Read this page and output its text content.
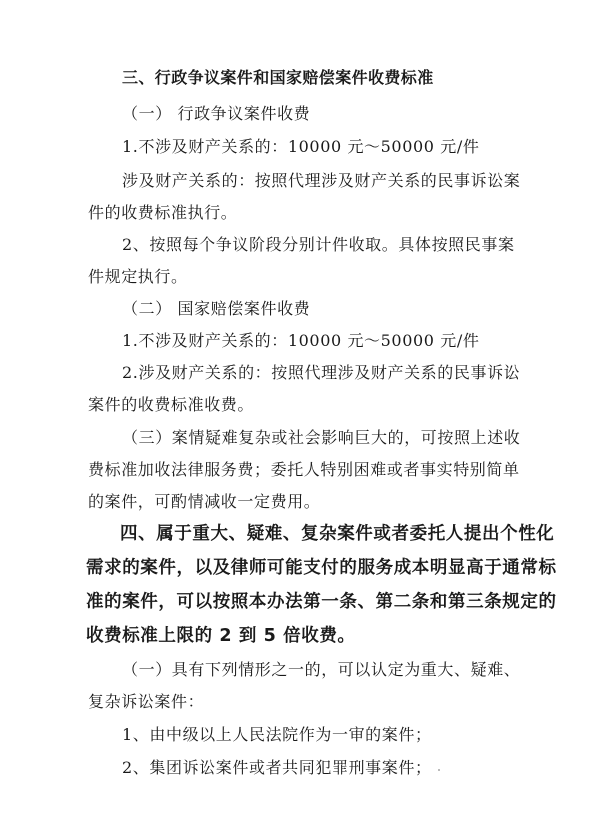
三、行政争议案件和国家赔偿案件收费标准
（一） 行政争议案件收费
1.不涉及财产关系的：10000 元～50000 元/件
涉及财产关系的：按照代理涉及财产关系的民事诉讼案
件的收费标准执行。
2、按照每个争议阶段分别计件收取。具体按照民事案
件规定执行。
（二） 国家赔偿案件收费
1.不涉及财产关系的：10000 元～50000 元/件
2.涉及财产关系的：按照代理涉及财产关系的民事诉讼
案件的收费标准收费。
（三）案情疑难复杂或社会影响巨大的，可按照上述收
费标准加收法律服务费；委托人特别困难或者事实特别简单
的案件，可酌情减收一定费用。
四、属于重大、疑难、复杂案件或者委托人提出个性化
需求的案件，以及律师可能支付的服务成本明显高于通常标
准的案件，可以按照本办法第一条、第二条和第三条规定的
收费标准上限的 2 到 5 倍收费。
（一）具有下列情形之一的，可以认定为重大、疑难、
复杂诉讼案件：
1、由中级以上人民法院作为一审的案件；
2、集团诉讼案件或者共同犯罪刑事案件；
